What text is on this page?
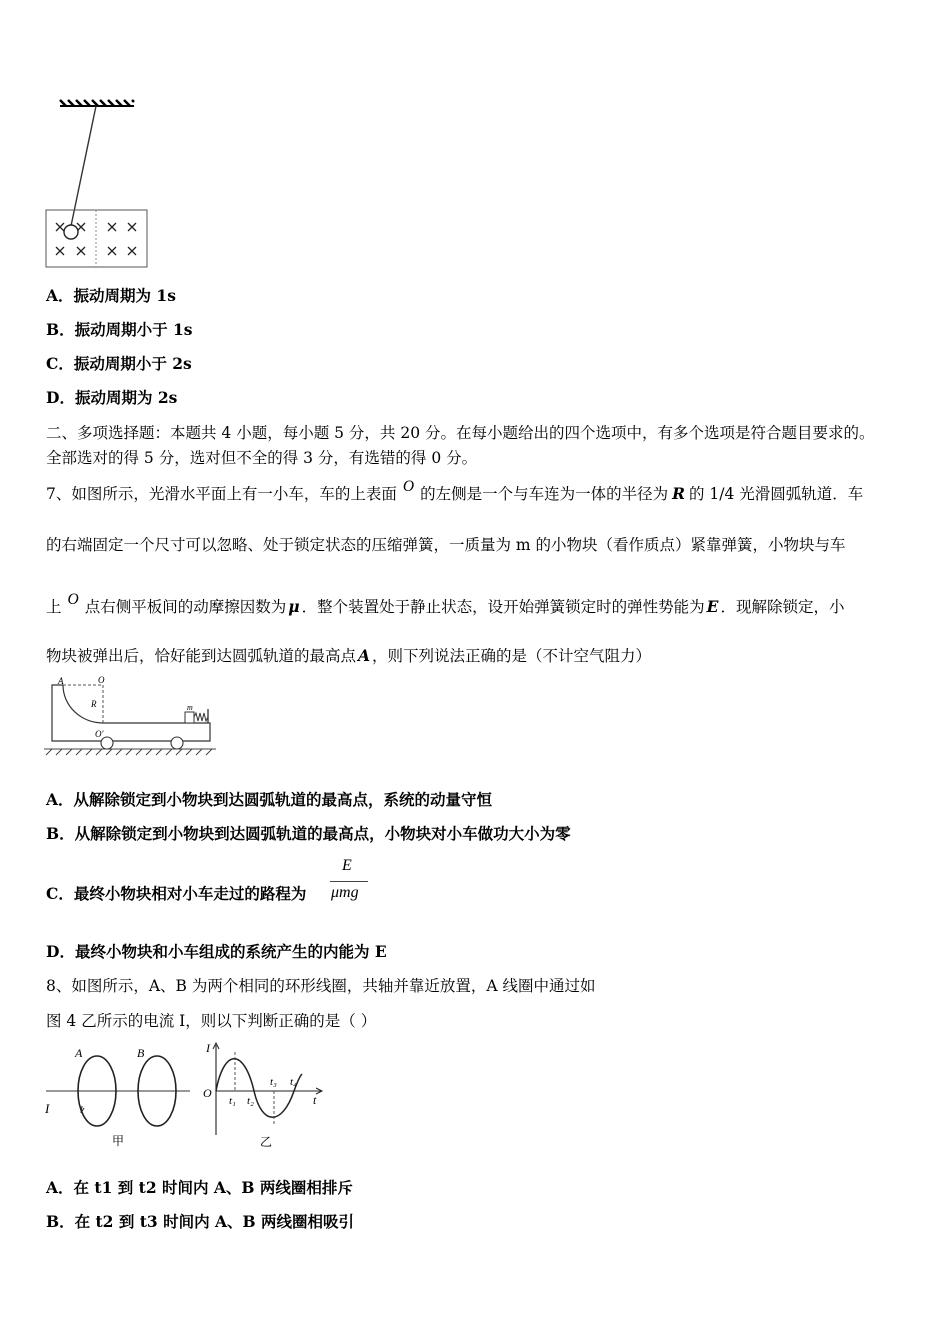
A．振动周期为 1s
B．振动周期小于 1s
C．振动周期小于 2s
D．振动周期为 2s
二、多项选择题：本题共 4 小题，每小题 5 分，共 20 分。在每小题给出的四个选项中，有多个选项是符合题目要求的。
全部选对的得 5 分，选对但不全的得 3 分，有选错的得 0 分。
7、如图所示，光滑水平面上有一小车，车的上表面 O 的左侧是一个与车连为一体的半径为 R 的 1/4 光滑圆弧轨道．车
的右端固定一个尺寸可以忽略、处于锁定状态的压缩弹簧，一质量为 m 的小物块（看作质点）紧靠弹簧，小物块与车
上 O 点右侧平板间的动摩擦因数为 μ ．整个装置处于静止状态，设开始弹簧锁定时的弹性势能为 E ．现解除锁定，小
物块被弹出后，恰好能到达圆弧轨道的最高点 A ，则下列说法正确的是（不计空气阻力）
A	O
R	m
O'
A．从解除锁定到小物块到达圆弧轨道的最高点，系统的动量守恒
B．从解除锁定到小物块到达圆弧轨道的最高点，小物块对小车做功大小为零
C．最终小物块相对小车走过的路程为
E
μmg
D．最终小物块和小车组成的系统产生的内能为 E
8、如图所示，A、B 为两个相同的环形线圈，共轴并靠近放置，A 线圈中通过如
图 4 乙所示的电流 I，则以下判断正确的是（ ）
A	B
I
甲
I
O
t₁ t₂
t₃ t₄
t
乙
A．在 t1 到 t2 时间内 A、B 两线圈相排斥
B．在 t2 到 t3 时间内 A、B 两线圈相吸引
